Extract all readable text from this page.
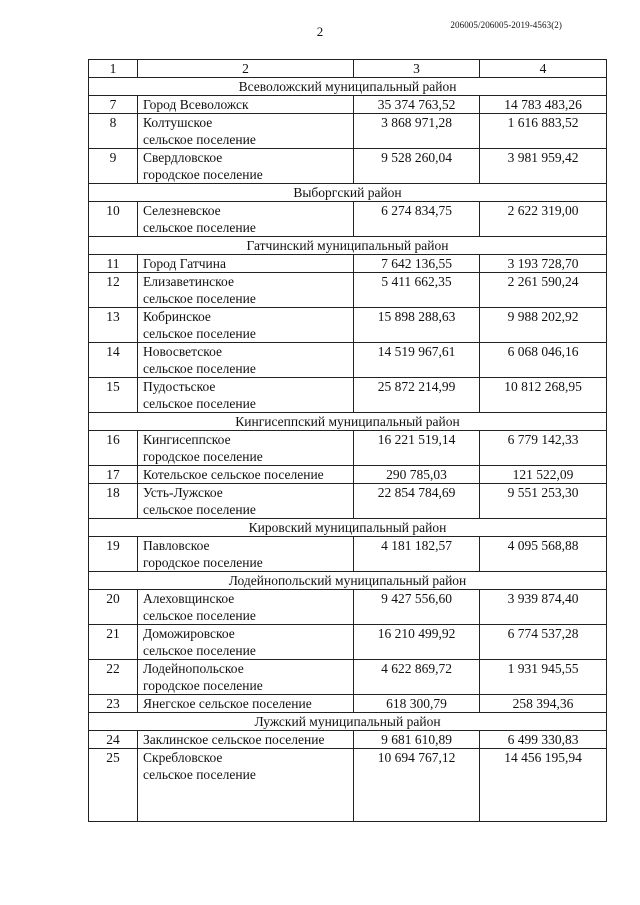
206005/206005-2019-4563(2)
2
1	2	3	4
Всеволожский муниципальный район			
7	Город Всеволожск	35 374 763,52	14 783 483,26
8	Колтушское
сельское поселение	3 868 971,28	1 616 883,52
9	Свердловское
городское поселение	9 528 260,04	3 981 959,42
Выборгский район			
10	Селезневское
сельское поселение	6 274 834,75	2 622 319,00
Гатчинский муниципальный район			
11	Город Гатчина	7 642 136,55	3 193 728,70
12	Елизаветинское
сельское поселение	5 411 662,35	2 261 590,24
13	Кобринское
сельское поселение	15 898 288,63	9 988 202,92
14	Новосветское
сельское поселение	14 519 967,61	6 068 046,16
15	Пудостьское
сельское поселение	25 872 214,99	10 812 268,95
Кингисеппский муниципальный район			
16	Кингисеппское
городское поселение	16 221 519,14	6 779 142,33
17	Котельское сельское поселение	290 785,03	121 522,09
18	Усть-Лужское
сельское поселение	22 854 784,69	9 551 253,30
Кировский муниципальный район			
19	Павловское
городское поселение	4 181 182,57	4 095 568,88
Лодейнопольский муниципальный район			
20	Алеховщинское
сельское поселение	9 427 556,60	3 939 874,40
21	Доможировское
сельское поселение	16 210 499,92	6 774 537,28
22	Лодейнопольское
городское поселение	4 622 869,72	1 931 945,55
23	Янегское сельское поселение	618 300,79	258 394,36
Лужский муниципальный район			
24	Заклинское сельское поселение	9 681 610,89	6 499 330,83
25	Скребловское
сельское поселение	10 694 767,12	14 456 195,94
